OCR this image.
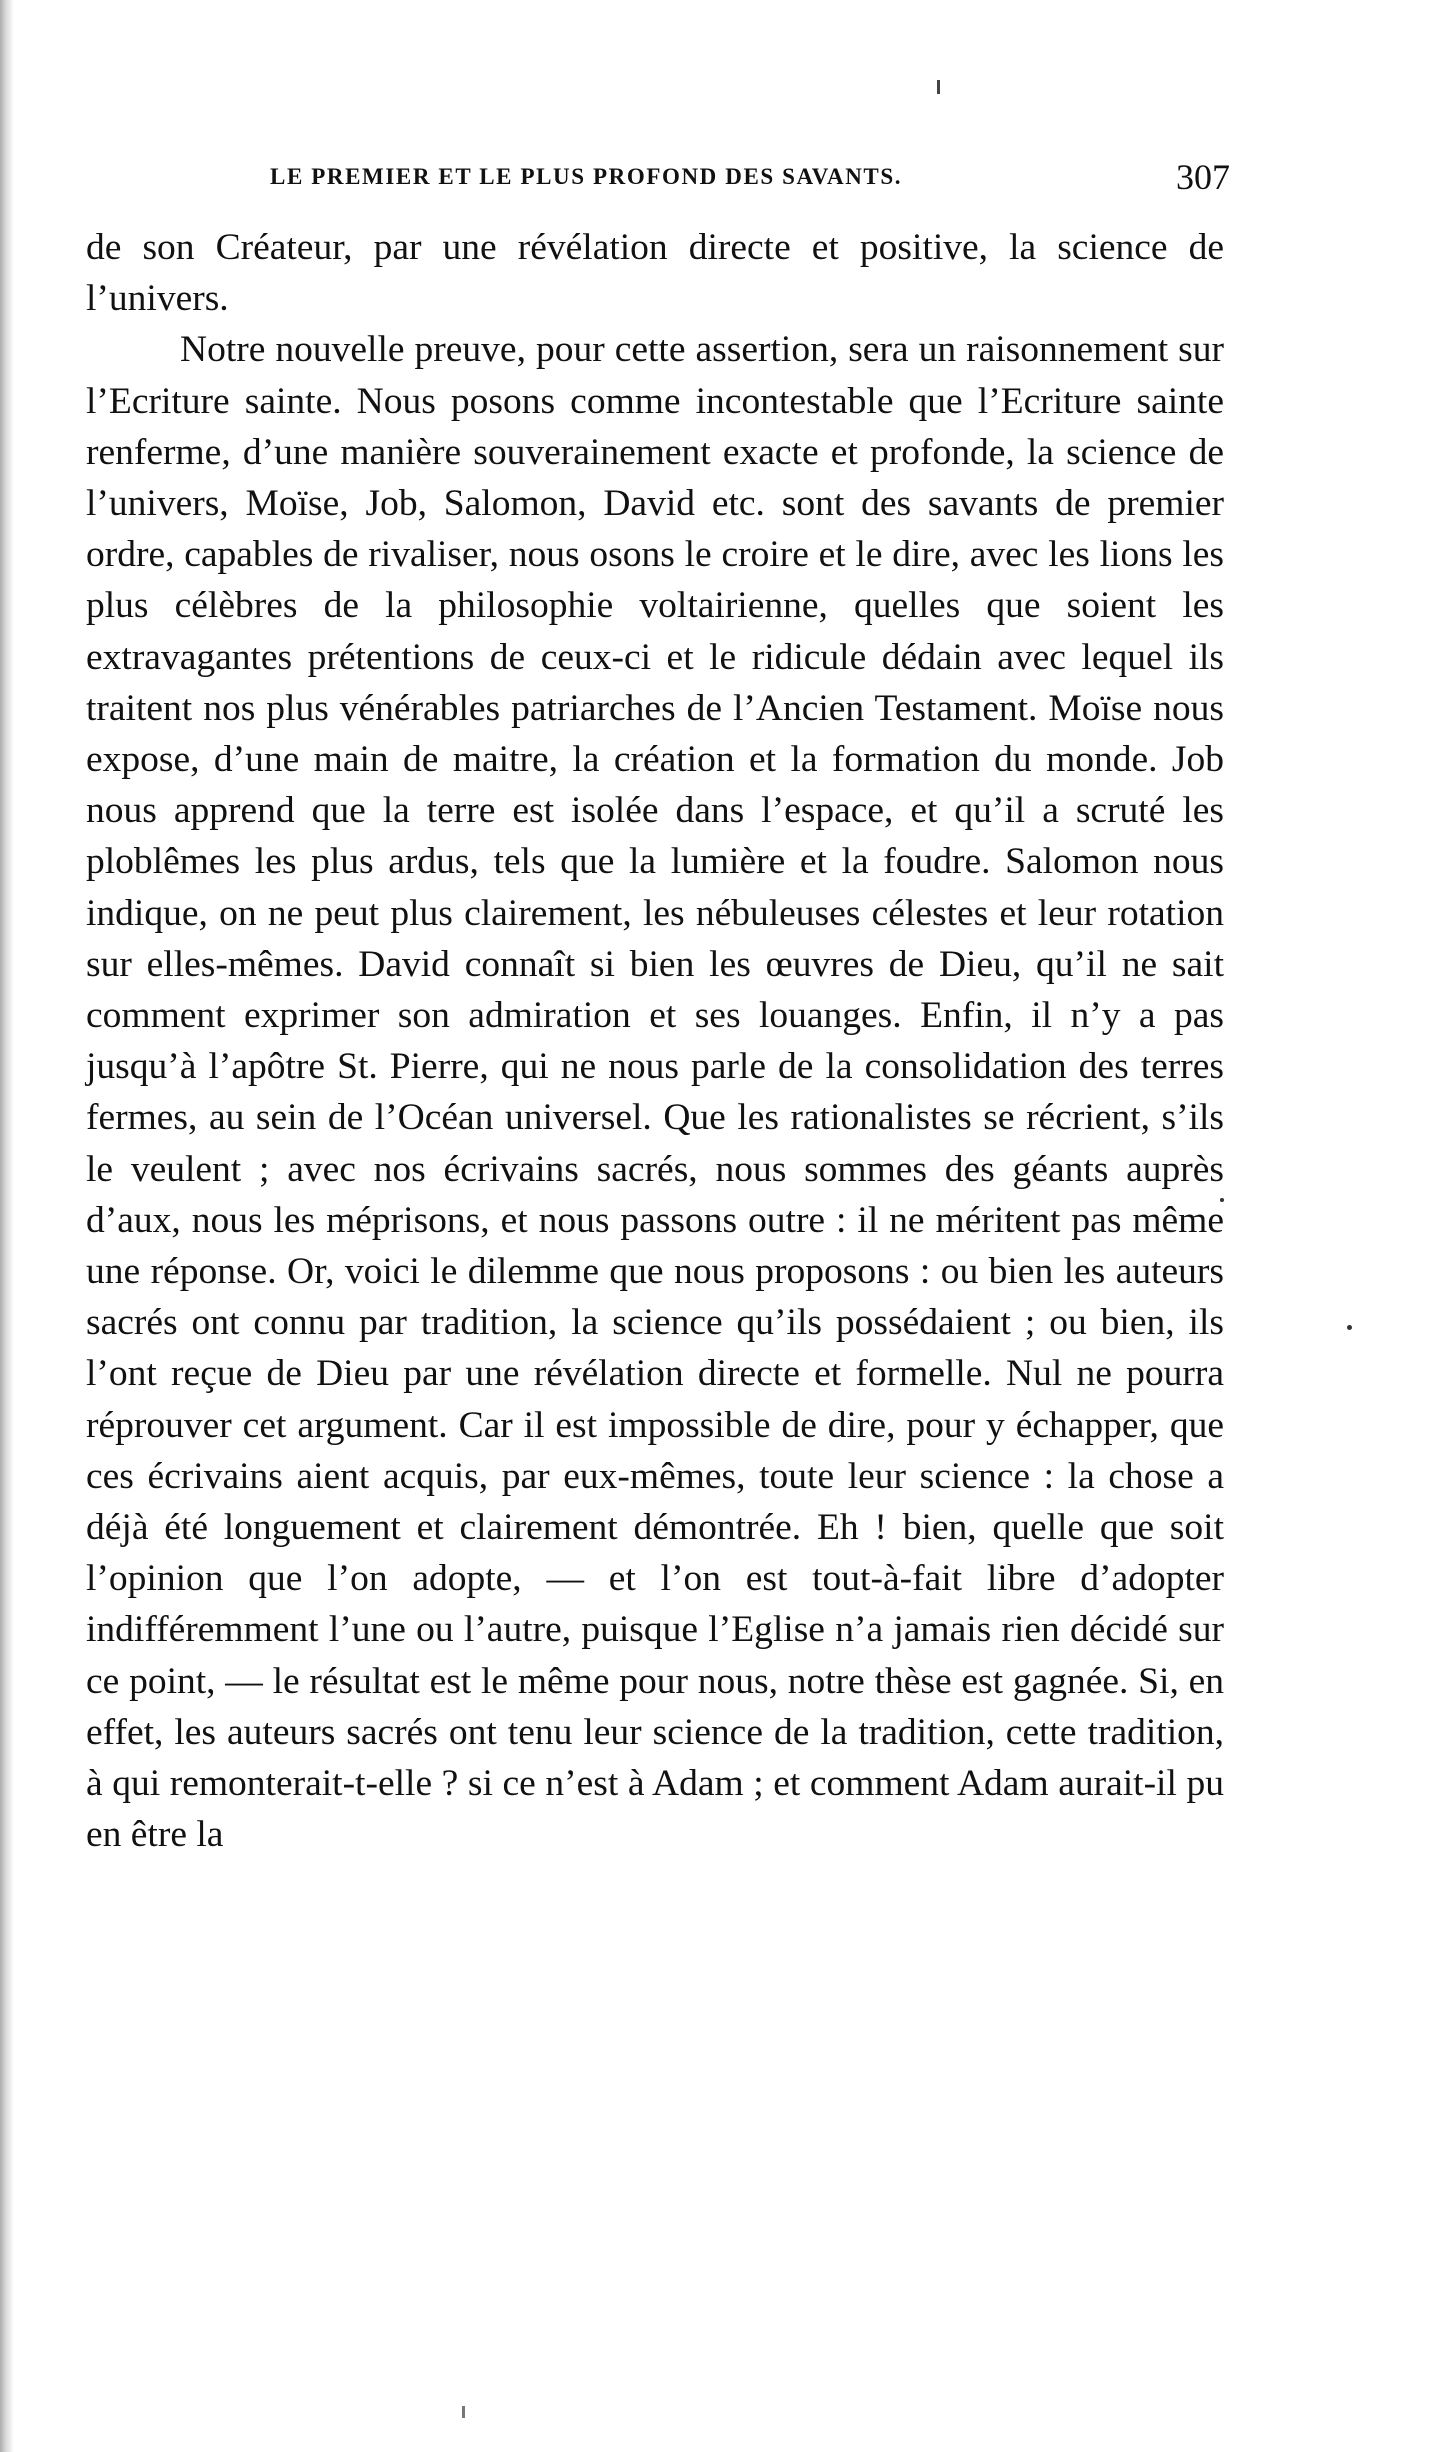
LE PREMIER ET LE PLUS PROFOND DES SAVANTS.	307

de son Créateur, par une révélation directe et positive, la science de l’univers.

Notre nouvelle preuve, pour cette assertion, sera un raisonnement sur l’Ecriture sainte. Nous posons comme incontestable que l’Ecriture sainte renferme, d’une manière souverainement exacte et profonde, la science de l’univers, Moïse, Job, Salomon, David etc. sont des savants de premier ordre, capables de rivaliser, nous osons le croire et le dire, avec les lions les plus célèbres de la philosophie voltairienne, quelles que soient les extravagantes prétentions de ceux-ci et le ridicule dédain avec lequel ils traitent nos plus vénérables patriarches de l’Ancien Testament. Moïse nous expose, d’une main de maitre, la création et la formation du monde. Job nous apprend que la terre est isolée dans l’espace, et qu’il a scruté les ploblêmes les plus ardus, tels que la lumière et la foudre. Salomon nous indique, on ne peut plus clairement, les nébuleuses célestes et leur rotation sur elles-mêmes. David connaît si bien les œuvres de Dieu, qu’il ne sait comment exprimer son admiration et ses louanges. Enfin, il n’y a pas jusqu’à l’apôtre St. Pierre, qui ne nous parle de la consolidation des terres fermes, au sein de l’Océan universel. Que les rationalistes se récrient, s’ils le veulent ; avec nos écrivains sacrés, nous sommes des géants auprès d’aux, nous les méprisons, et nous passons outre : il ne méritent pas même une réponse. Or, voici le dilemme que nous proposons : ou bien les auteurs sacrés ont connu par tradition, la science qu’ils possédaient ; ou bien, ils l’ont reçue de Dieu par une révélation directe et formelle. Nul ne pourra réprouver cet argument. Car il est impossible de dire, pour y échapper, que ces écrivains aient acquis, par eux-mêmes, toute leur science : la chose a déjà été longuement et clairement démontrée. Eh ! bien, quelle que soit l’opinion que l’on adopte, — et l’on est tout-à-fait libre d’adopter indifféremment l’une ou l’autre, puisque l’Eglise n’a jamais rien décidé sur ce point, — le résultat est le même pour nous, notre thèse est gagnée. Si, en effet, les auteurs sacrés ont tenu leur science de la tradition, cette tradition, à qui remonterait-t-elle ? si ce n’est à Adam ; et comment Adam aurait-il pu en être la
